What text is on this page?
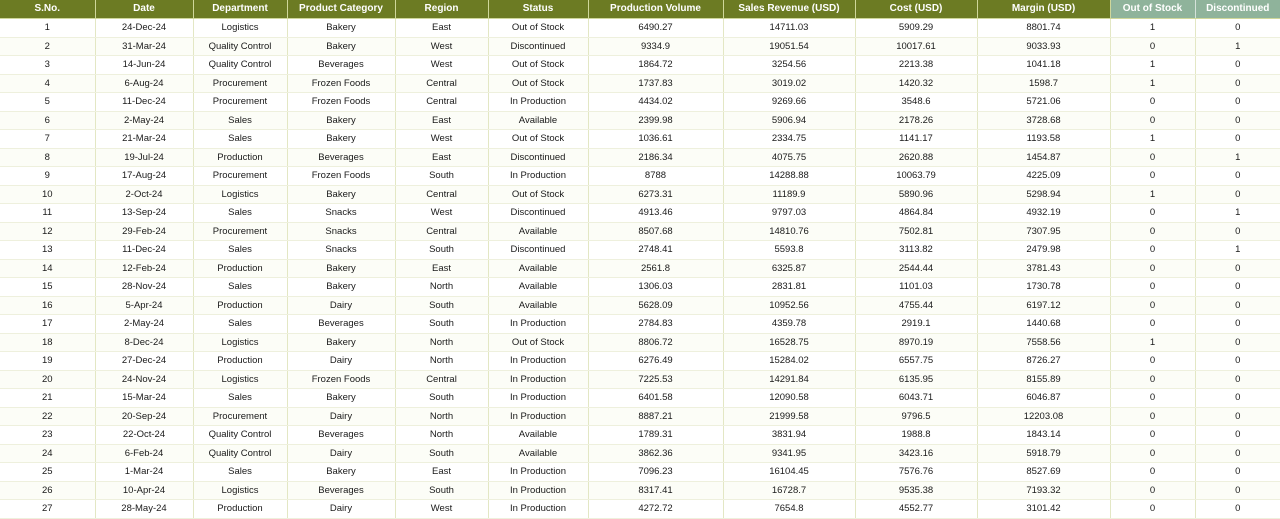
S.No.	Date	Department	Product Category	Region	Status	Production Volume	Sales Revenue (USD)	Cost (USD)	Margin (USD)	Out of Stock	Discontinued
1	24-Dec-24	Logistics	Bakery	East	Out of Stock	6490.27	14711.03	5909.29	8801.74	1	0
2	31-Mar-24	Quality Control	Bakery	West	Discontinued	9334.9	19051.54	10017.61	9033.93	0	1
3	14-Jun-24	Quality Control	Beverages	West	Out of Stock	1864.72	3254.56	2213.38	1041.18	1	0
4	6-Aug-24	Procurement	Frozen Foods	Central	Out of Stock	1737.83	3019.02	1420.32	1598.7	1	0
5	11-Dec-24	Procurement	Frozen Foods	Central	In Production	4434.02	9269.66	3548.6	5721.06	0	0
6	2-May-24	Sales	Bakery	East	Available	2399.98	5906.94	2178.26	3728.68	0	0
7	21-Mar-24	Sales	Bakery	West	Out of Stock	1036.61	2334.75	1141.17	1193.58	1	0
8	19-Jul-24	Production	Beverages	East	Discontinued	2186.34	4075.75	2620.88	1454.87	0	1
9	17-Aug-24	Procurement	Frozen Foods	South	In Production	8788	14288.88	10063.79	4225.09	0	0
10	2-Oct-24	Logistics	Bakery	Central	Out of Stock	6273.31	11189.9	5890.96	5298.94	1	0
11	13-Sep-24	Sales	Snacks	West	Discontinued	4913.46	9797.03	4864.84	4932.19	0	1
12	29-Feb-24	Procurement	Snacks	Central	Available	8507.68	14810.76	7502.81	7307.95	0	0
13	11-Dec-24	Sales	Snacks	South	Discontinued	2748.41	5593.8	3113.82	2479.98	0	1
14	12-Feb-24	Production	Bakery	East	Available	2561.8	6325.87	2544.44	3781.43	0	0
15	28-Nov-24	Sales	Bakery	North	Available	1306.03	2831.81	1101.03	1730.78	0	0
16	5-Apr-24	Production	Dairy	South	Available	5628.09	10952.56	4755.44	6197.12	0	0
17	2-May-24	Sales	Beverages	South	In Production	2784.83	4359.78	2919.1	1440.68	0	0
18	8-Dec-24	Logistics	Bakery	North	Out of Stock	8806.72	16528.75	8970.19	7558.56	1	0
19	27-Dec-24	Production	Dairy	North	In Production	6276.49	15284.02	6557.75	8726.27	0	0
20	24-Nov-24	Logistics	Frozen Foods	Central	In Production	7225.53	14291.84	6135.95	8155.89	0	0
21	15-Mar-24	Sales	Bakery	South	In Production	6401.58	12090.58	6043.71	6046.87	0	0
22	20-Sep-24	Procurement	Dairy	North	In Production	8887.21	21999.58	9796.5	12203.08	0	0
23	22-Oct-24	Quality Control	Beverages	North	Available	1789.31	3831.94	1988.8	1843.14	0	0
24	6-Feb-24	Quality Control	Dairy	South	Available	3862.36	9341.95	3423.16	5918.79	0	0
25	1-Mar-24	Sales	Bakery	East	In Production	7096.23	16104.45	7576.76	8527.69	0	0
26	10-Apr-24	Logistics	Beverages	South	In Production	8317.41	16728.7	9535.38	7193.32	0	0
27	28-May-24	Production	Dairy	West	In Production	4272.72	7654.8	4552.77	3101.42	0	0
